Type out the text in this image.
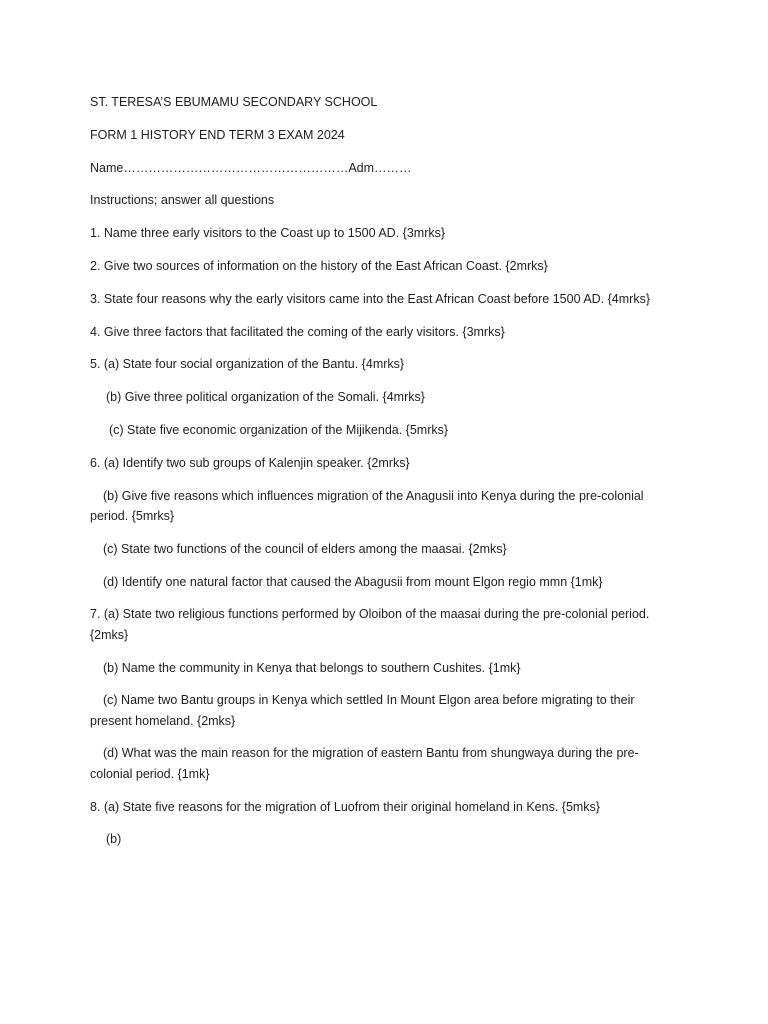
ST. TERESA’S EBUMAMU SECONDARY SCHOOL
FORM 1 HISTORY END TERM 3 EXAM 2024
Name………………………………………………Adm………
Instructions; answer all questions
1. Name three early visitors to the Coast up to 1500 AD. {3mrks}
2. Give two sources of information on the history of the East African Coast. {2mrks}
3. State four reasons why the early visitors came into the East African Coast before 1500 AD. {4mrks}
4. Give three factors that facilitated the coming of the early visitors. {3mrks}
5. (a) State four social organization of the Bantu. {4mrks}
(b) Give three political organization of the Somali. {4mrks}
(c) State five economic organization of the Mijikenda. {5mrks}
6. (a) Identify two sub groups of Kalenjin speaker. {2mrks}
(b) Give five reasons which influences migration of the Anagusii into Kenya during the pre-colonial
period. {5mrks}
(c) State two functions of the council of elders among the maasai. {2mks}
(d) Identify one natural factor that caused the Abagusii from mount Elgon regio mmn {1mk}
7. (a) State two religious functions performed by Oloibon of the maasai during the pre-colonial period.
{2mks}
(b) Name the community in Kenya that belongs to southern Cushites. {1mk}
(c) Name two Bantu groups in Kenya which settled In Mount Elgon area before migrating to their
present homeland. {2mks}
(d) What was the main reason for the migration of eastern Bantu from shungwaya during the pre-
colonial period. {1mk}
8. (a) State five reasons for the migration of Luofrom their original homeland in Kens. {5mks}
(b)
